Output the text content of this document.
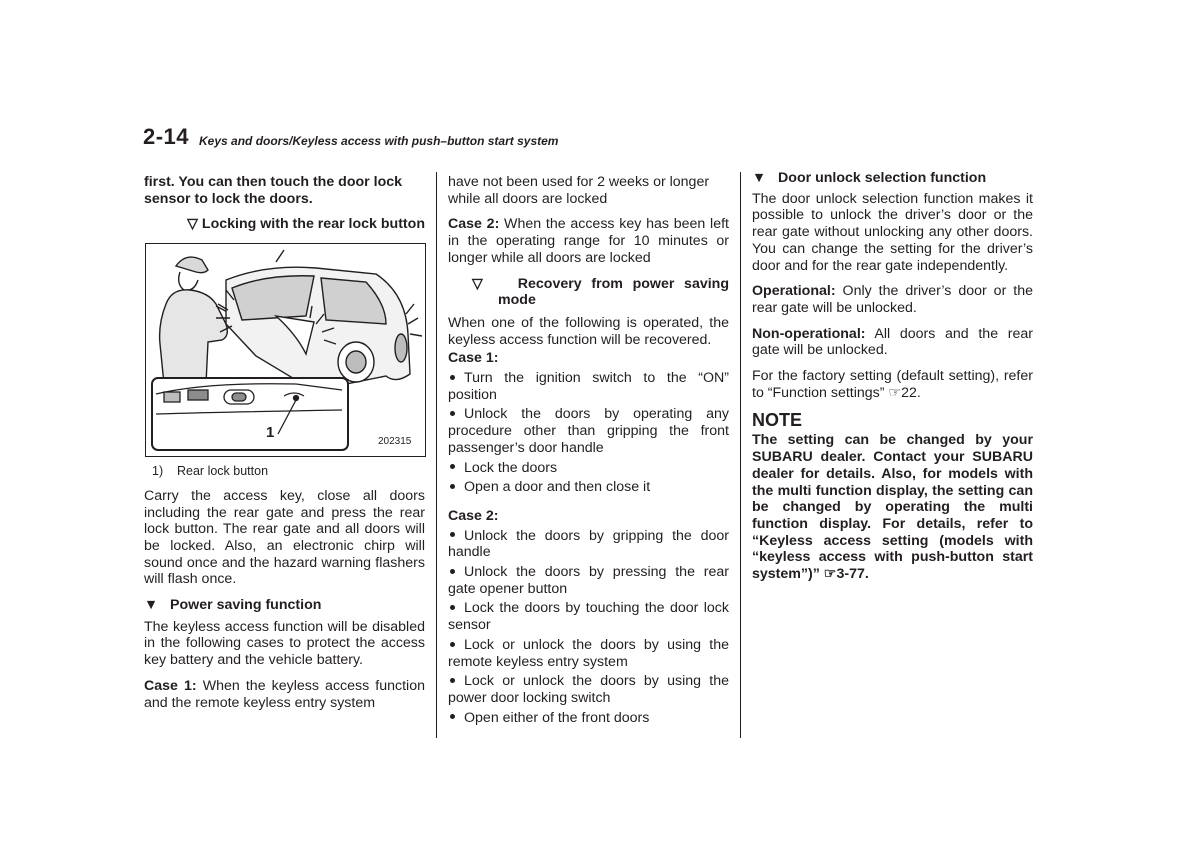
2-14 Keys and doors/Keyless access with push–button start system

first. You can then touch the door lock sensor to lock the doors.

▽ Locking with the rear lock button

1
202315

1)    Rear lock button

Carry the access key, close all doors including the rear gate and press the rear lock button. The rear gate and all doors will be locked. Also, an electronic chirp will sound once and the hazard warning flashers will flash once.

▼ Power saving function

The keyless access function will be disabled in the following cases to protect the access key battery and the vehicle battery.

Case 1: When the keyless access function and the remote keyless entry system

have not been used for 2 weeks or longer while all doors are locked

Case 2: When the access key has been left in the operating range for 10 minutes or longer while all doors are locked

▽   Recovery from power saving mode

When one of the following is operated, the keyless access function will be recovered.

Case 1:

Turn the ignition switch to the “ON” position

Unlock the doors by operating any procedure other than gripping the front passenger’s door handle

Lock the doors

Open a door and then close it

Case 2:

Unlock the doors by gripping the door handle

Unlock the doors by pressing the rear gate opener button

Lock the doors by touching the door lock sensor

Lock or unlock the doors by using the remote keyless entry system

Lock or unlock the doors by using the power door locking switch

Open either of the front doors

▼ Door unlock selection function

The door unlock selection function makes it possible to unlock the driver’s door or the rear gate without unlocking any other doors. You can change the setting for the driver’s door and for the rear gate independently.

Operational: Only the driver’s door or the rear gate will be unlocked.

Non-operational: All doors and the rear gate will be unlocked.

For the factory setting (default setting), refer to “Function settings” ☞22.

NOTE

The setting can be changed by your SUBARU dealer. Contact your SUBARU dealer for details. Also, for models with the multi function display, the setting can be changed by operating the multi function display. For details, refer to “Keyless access setting (models with “keyless access with push-button start system”)” ☞3-77.
